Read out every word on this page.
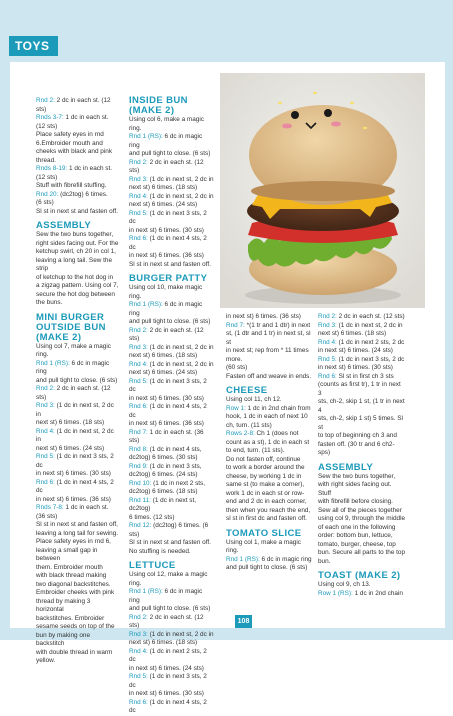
TOYS
Rnd 2: 2 dc in each st. (12 sts)
Rnds 3-7: 1 dc in each st.
(12 sts)
Place safety eyes in rnd
6.Embroider mouth and
cheeks with black and pink
thread.
Rnds 8-19: 1 dc in each st.
(12 sts)
Stuff with fibrefill stuffing.
Rnd 20: (dc2tog) 6 times.
(6 sts)
Sl st in next st and fasten off.
ASSEMBLY
Sew the two buns together,
right sides facing out. For the
ketchup swirl, ch 20 in col 1,
leaving a long tail. Sew the strip
of ketchup to the hot dog in
a zigzag pattern. Using col 7,
secure the hot dog between
the buns.
MINI BURGER
OUTSIDE BUN
(MAKE 2)
Using col 7, make a magic ring.
Rnd 1 (RS): 6 dc in magic ring
and pull tight to close. (6 sts)
Rnd 2: 2 dc in each st. (12 sts)
Rnd 3: (1 dc in next st, 2 dc in
next st) 6 times. (18 sts)
Rnd 4: (1 dc in next st, 2 dc in
next st) 6 times. (24 sts)
Rnd 5: (1 dc in next 3 sts, 2 dc
in next st) 6 times. (30 sts)
Rnd 6: (1 dc in next 4 sts, 2 dc
in next st) 6 times. (36 sts)
Rnds 7-8: 1 dc in each st.
(36 sts)
Sl st in next st and fasten off,
leaving a long tail for sewing.
Place safety eyes in rnd 6,
leaving a small gap in between
them. Embroider mouth
with black thread making
two diagonal backstitches.
Embroider cheeks with pink
thread by making 3 horizontal
backstitches. Embroider
sesame seeds on top of the
bun by making one backstitch
with double thread in warm
yellow.
INSIDE BUN
(MAKE 2)
Using col 6, make a magic ring.
Rnd 1 (RS): 6 dc in magic ring
and pull tight to close. (6 sts)
Rnd 2: 2 dc in each st. (12 sts)
Rnd 3: (1 dc in next st, 2 dc in
next st) 6 times. (18 sts)
Rnd 4: (1 dc in next st, 2 dc in
next st) 6 times. (24 sts)
Rnd 5: (1 dc in next 3 sts, 2 dc
in next st) 6 times. (30 sts)
Rnd 6: (1 dc in next 4 sts, 2 dc
in next st) 6 times. (36 sts)
Sl st in next st and fasten off.
BURGER PATTY
Using col 10, make magic ring.
Rnd 1 (RS): 6 dc in magic ring
and pull tight to close. (6 sts)
Rnd 2: 2 dc in each st. (12 sts)
Rnd 3: (1 dc in next st, 2 dc in
next st) 6 times. (18 sts)
Rnd 4: (1 dc in next st, 2 dc in
next st) 6 times. (24 sts)
Rnd 5: (1 dc in next 3 sts, 2 dc
in next st) 6 times. (30 sts)
Rnd 6: (1 dc in next 4 sts, 2 dc
in next st) 6 times. (36 sts)
Rnd 7: 1 dc in each st. (36 sts)
Rnd 8: (1 dc in next 4 sts,
dc2tog) 6 times. (30 sts)
Rnd 9: (1 dc in next 3 sts,
dc2tog) 6 times. (24 sts)
Rnd 10: (1 dc in next 2 sts,
dc2tog) 6 times. (18 sts)
Rnd 11: (1 dc in next st, dc2tog)
6 times. (12 sts)
Rnd 12: (dc2tog) 6 times. (6 sts)
Sl st in next st and fasten off.
No stuffing is needed.
LETTUCE
Using col 12, make a magic
ring.
Rnd 1 (RS): 6 dc in magic ring
and pull tight to close. (6 sts)
Rnd 2: 2 dc in each st. (12 sts)
Rnd 3: (1 dc in next st, 2 dc in
next st) 6 times. (18 sts)
Rnd 4: (1 dc in next 2 sts, 2 dc
in next st) 6 times. (24 sts)
Rnd 5: (1 dc in next 3 sts, 2 dc
in next st) 6 times. (30 sts)
Rnd 6: (1 dc in next 4 sts, 2 dc
in next st) 6 times. (36 sts)
Rnd 7: *(1 tr and 1 dtr) in next
st, (1 dtr and 1 tr) in next st, sl st
in next st; rep from * 11 times
more.
(60 sts)
Fasten off and weave in ends.
CHEESE
Using col 11, ch 12.
Row 1: 1 dc in 2nd chain from
hook, 1 dc in each of next 10
ch, turn. (11 sts)
Rows 2-8: Ch 1 (does not
count as a st), 1 dc in each st
to end, turn. (11 sts).
Do not fasten off, continue
to work a border around the
cheese, by working 1 dc in
same st (to make a corner),
work 1 dc in each st or row-
end and 2 dc in each corner,
then when you reach the end,
sl st in first dc and fasten off.
TOMATO SLICE
Using col 1, make a magic ring.
Rnd 1 (RS): 6 dc in magic ring
and pull tight to close. (6 sts)
Rnd 2: 2 dc in each st. (12 sts)
Rnd 3: (1 dc in next st, 2 dc in
next st) 6 times. (18 sts)
Rnd 4: (1 dc in next 2 sts, 2 dc
in next st) 6 times. (24 sts)
Rnd 5: (1 dc in next 3 sts, 2 dc
in next st) 6 times. (30 sts)
Rnd 6: Sl st in first ch 3 sts
(counts as first tr), 1 tr in next 3
sts, ch-2, skip 1 st, (1 tr in next 4
sts, ch-2, skip 1 st) 5 times. Sl st
to top of beginning ch 3 and
fasten off. (30 tr and 6 ch2-sps)
ASSEMBLY
Sew the two buns together,
with right sides facing out. Stuff
with fibrefill before closing.
Sew all of the pieces together
using col 9, through the middle
of each one in the following
order: bottom bun, lettuce,
tomato, burger, cheese, top
bun. Secure all parts to the top
bun.
TOAST (MAKE 2)
Using col 9, ch 13.
Row 1 (RS): 1 dc in 2nd chain
108
